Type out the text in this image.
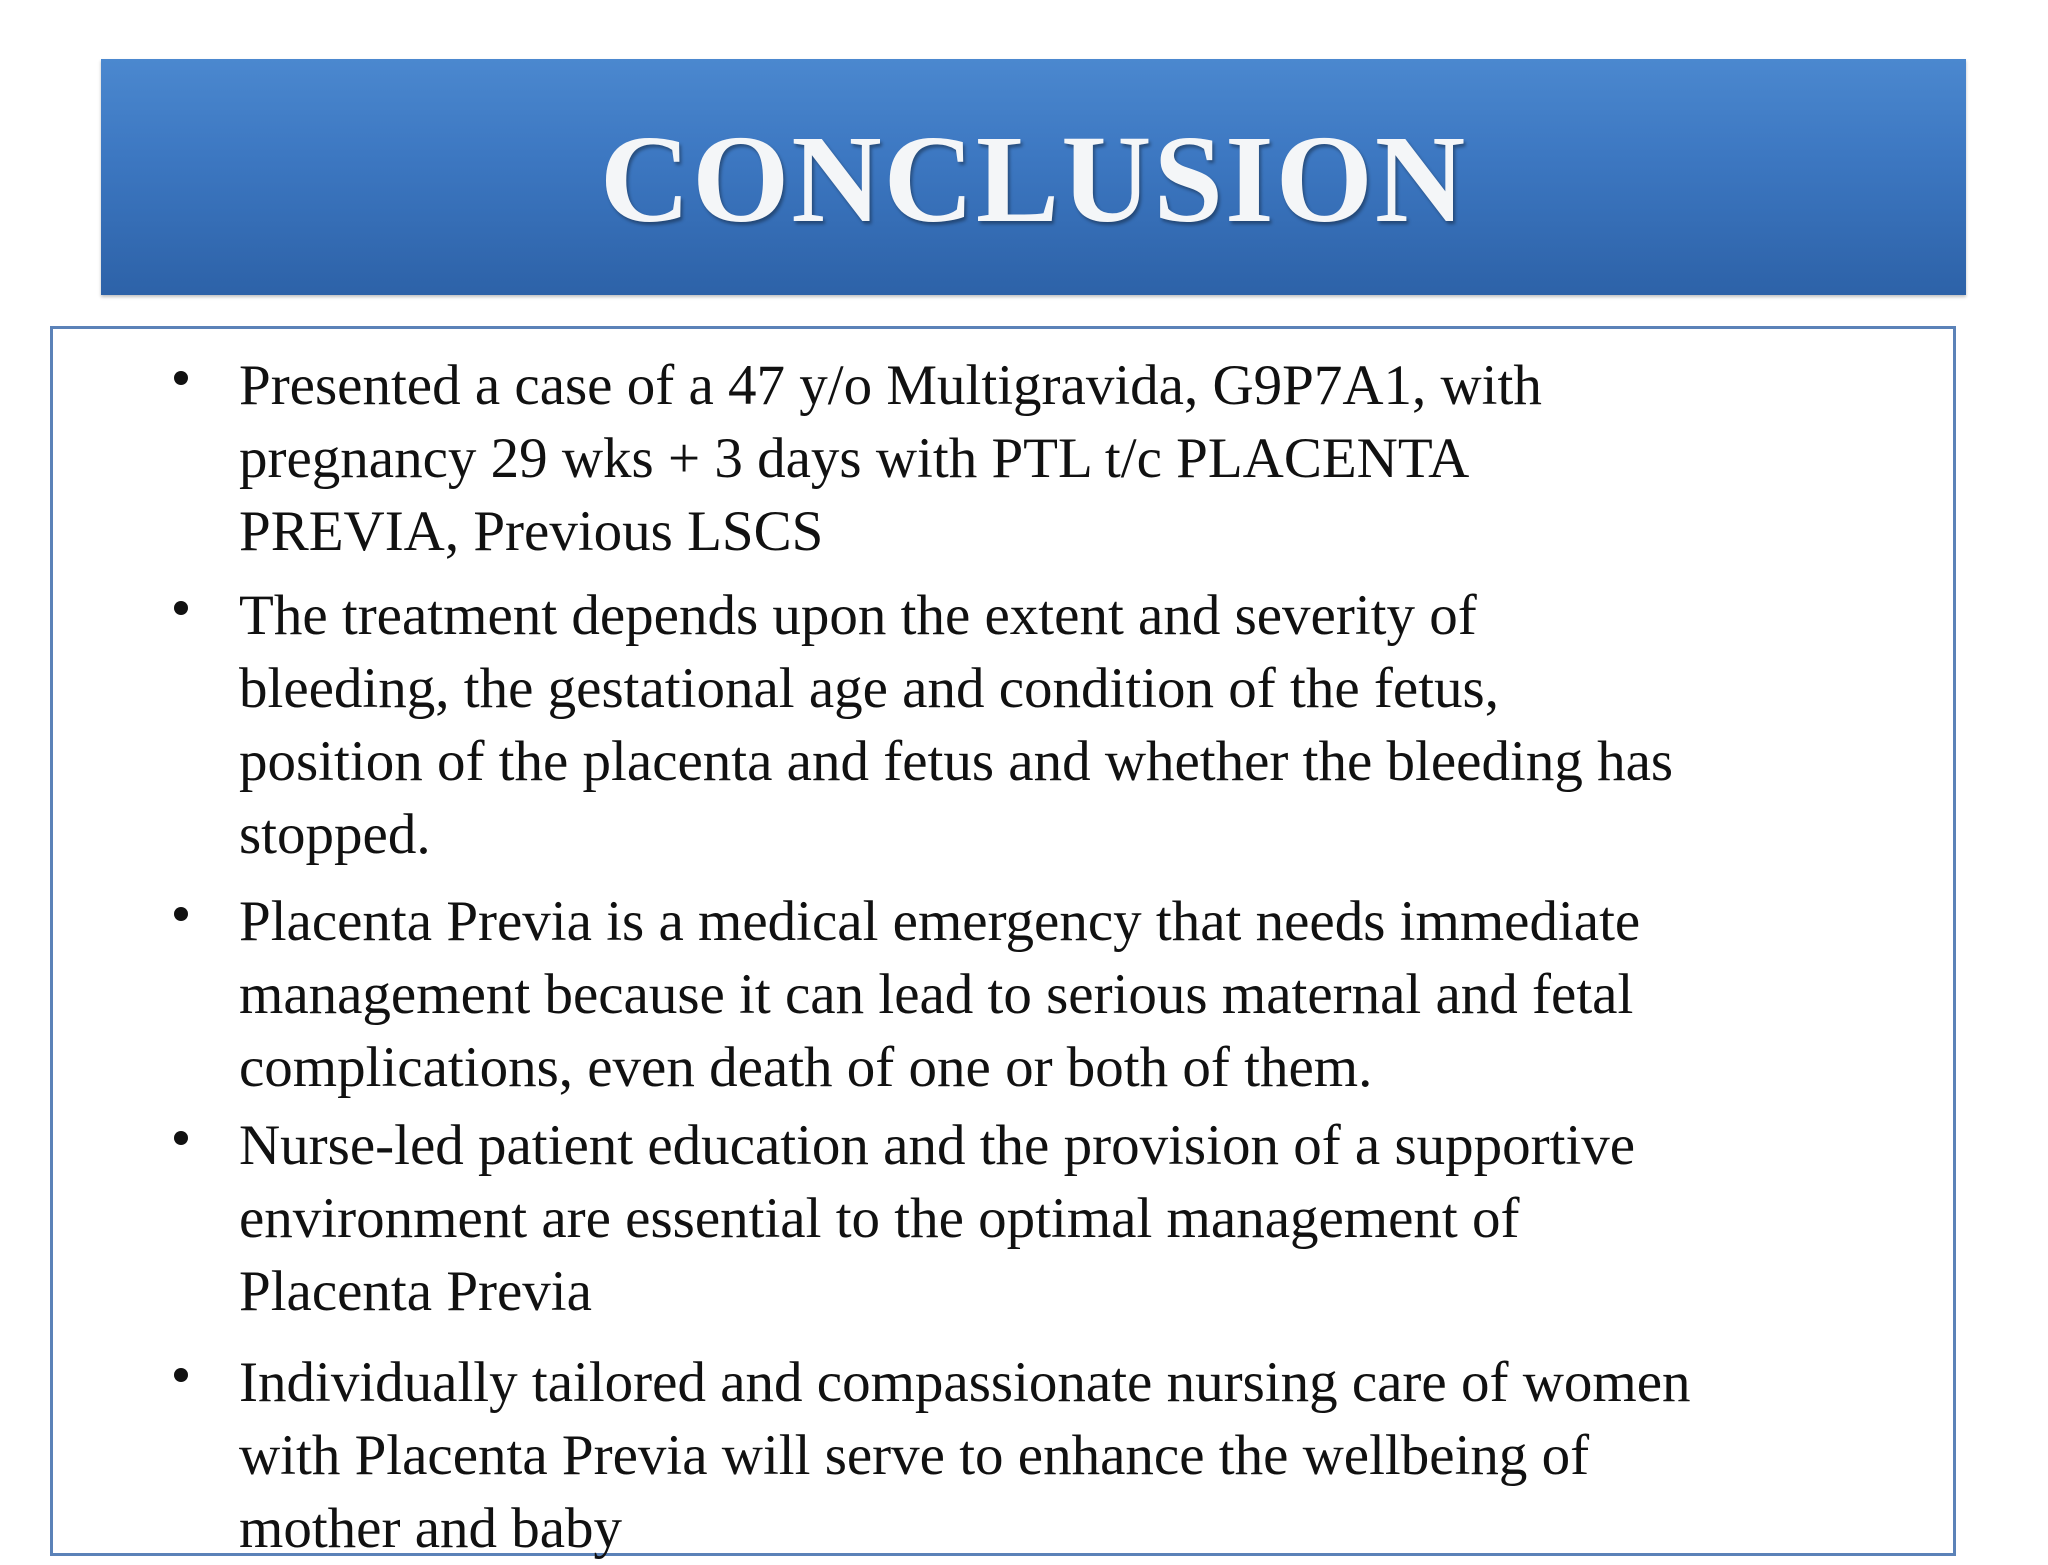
CONCLUSION
Presented a case of a 47 y/o Multigravida, G9P7A1, with
pregnancy 29 wks + 3 days with PTL t/c PLACENTA
PREVIA, Previous LSCS
The treatment depends upon the extent and severity of
bleeding, the gestational age and condition of the fetus,
position of the placenta and fetus and whether the bleeding has
stopped.
Placenta Previa is a medical emergency that needs immediate
management because it can lead to serious maternal and fetal
complications, even death of one or both of them.
Nurse-led patient education and the provision of a supportive
environment are essential to the optimal management of
Placenta Previa
Individually tailored and compassionate nursing care of women
with Placenta Previa will serve to enhance the wellbeing of
mother and baby
